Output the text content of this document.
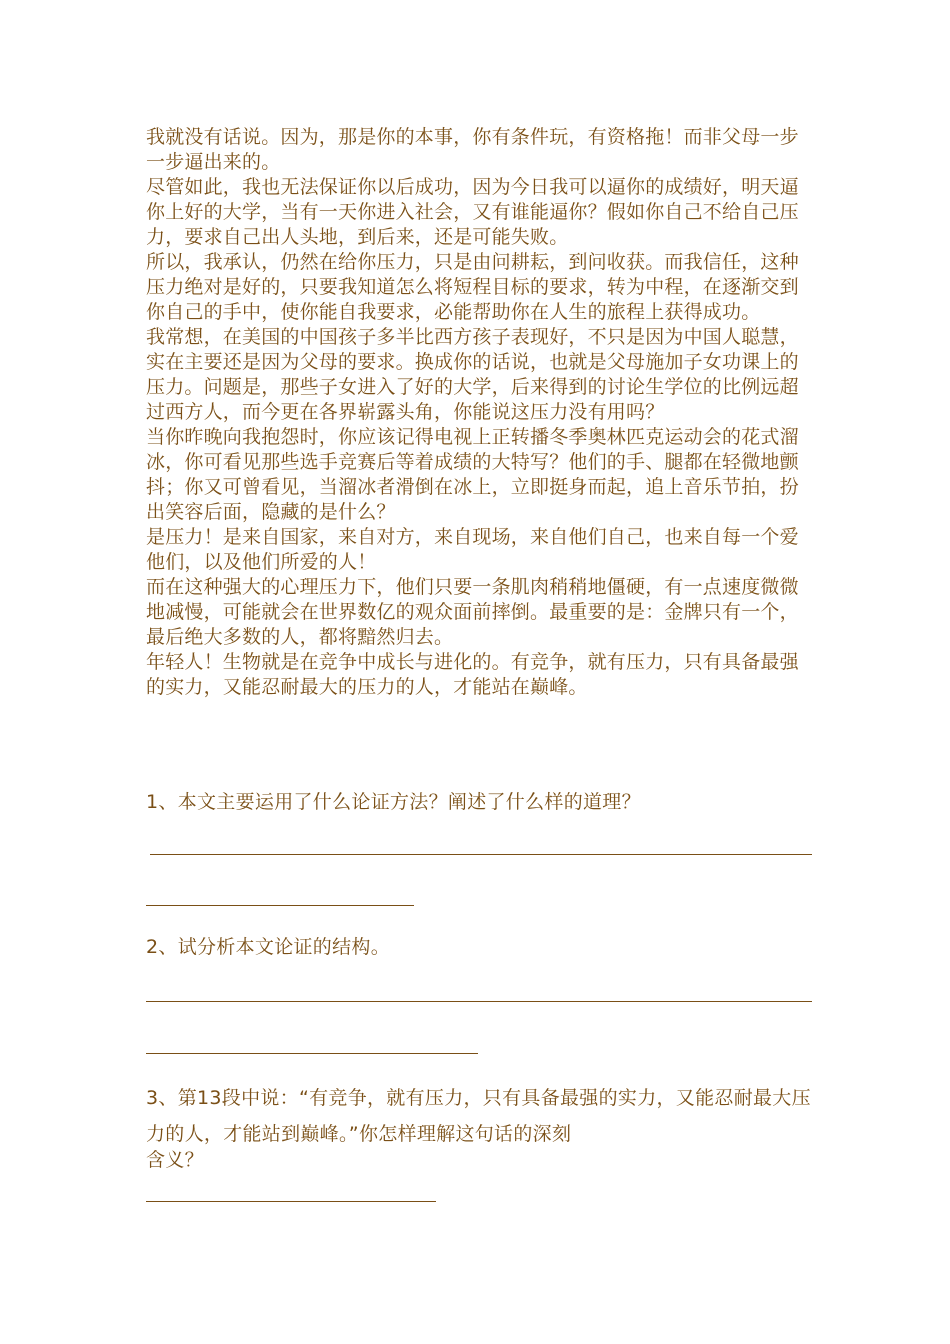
我就没有话说。因为，那是你的本事，你有条件玩，有资格拖！而非父母一步一步逼出来的。

尽管如此，我也无法保证你以后成功，因为今日我可以逼你的成绩好，明天逼你上好的大学，当有一天你进入社会，又有谁能逼你？假如你自己不给自己压力，要求自己出人头地，到后来，还是可能失败。

所以，我承认，仍然在给你压力，只是由问耕耘，到问收获。而我信任，这种压力绝对是好的，只要我知道怎么将短程目标的要求，转为中程，在逐渐交到你自己的手中，使你能自我要求，必能帮助你在人生的旅程上获得成功。

我常想，在美国的中国孩子多半比西方孩子表现好，不只是因为中国人聪慧，实在主要还是因为父母的要求。换成你的话说，也就是父母施加子女功课上的压力。问题是，那些子女进入了好的大学，后来得到的讨论生学位的比例远超过西方人，而今更在各界崭露头角，你能说这压力没有用吗？

当你昨晚向我抱怨时，你应该记得电视上正转播冬季奥林匹克运动会的花式溜冰，你可看见那些选手竞赛后等着成绩的大特写？他们的手、腿都在轻微地颤抖；你又可曾看见，当溜冰者滑倒在冰上，立即挺身而起，追上音乐节拍，扮出笑容后面，隐藏的是什么？

是压力！是来自国家，来自对方，来自现场，来自他们自己，也来自每一个爱他们，以及他们所爱的人！

而在这种强大的心理压力下，他们只要一条肌肉稍稍地僵硬，有一点速度微微地减慢，可能就会在世界数亿的观众面前摔倒。最重要的是：金牌只有一个，最后绝大多数的人，都将黯然归去。

年轻人！生物就是在竞争中成长与进化的。有竞争，就有压力，只有具备最强的实力，又能忍耐最大的压力的人，才能站在巅峰。

1、本文主要运用了什么论证方法？阐述了什么样的道理？
2、试分析本文论证的结构。
3、第13段中说：“有竞争，就有压力，只有具备最强的实力，又能忍耐最大压力的人，才能站到巅峰。”你怎样理解这句话的深刻
含义？
